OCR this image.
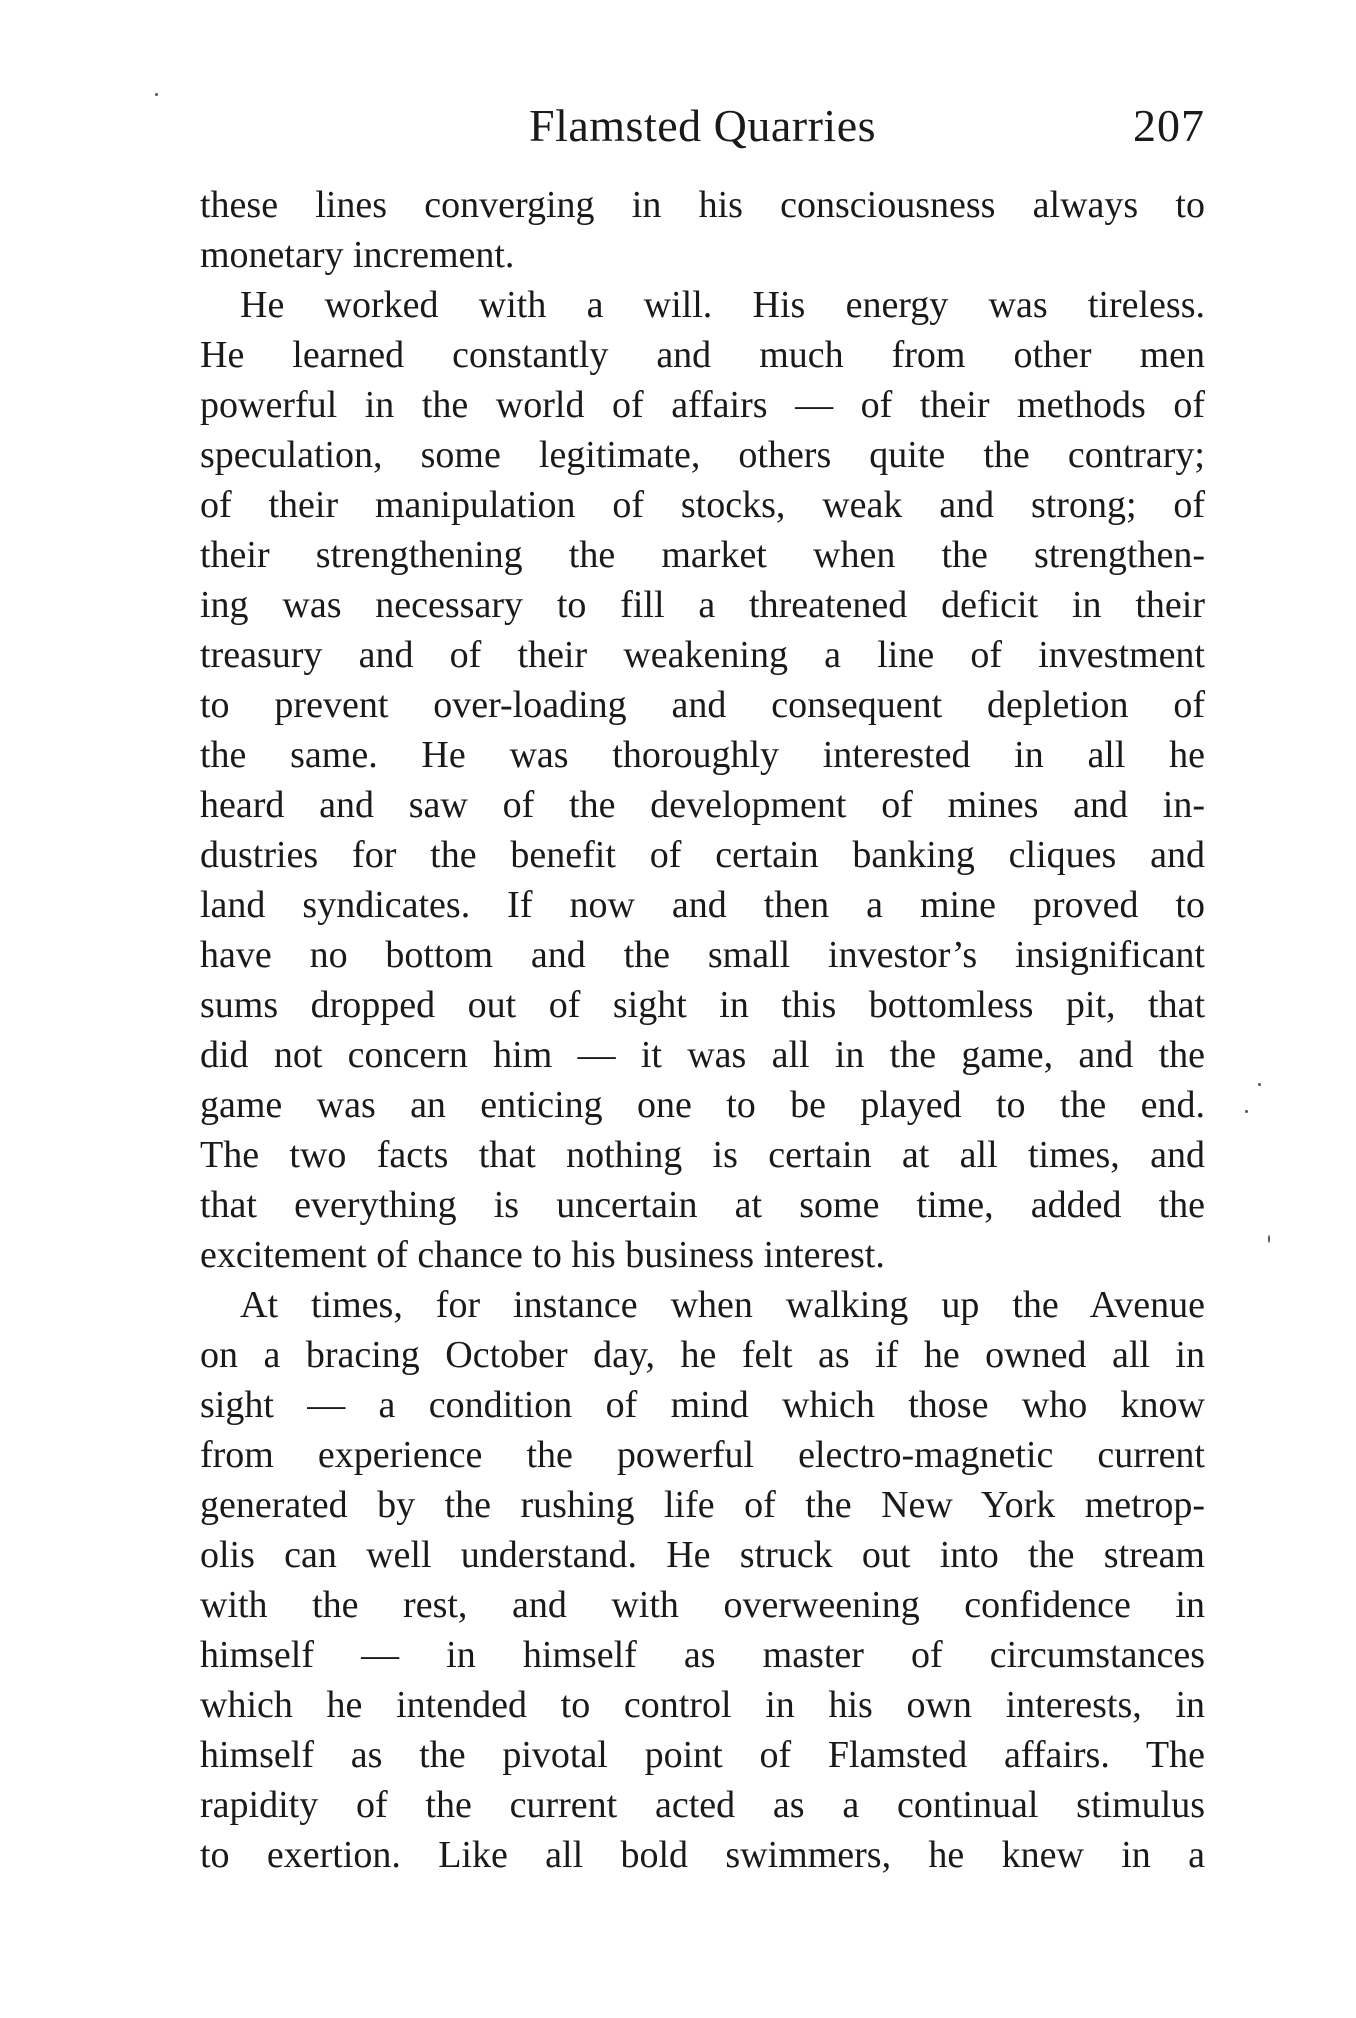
Flamsted Quarries	207
these lines converging in his consciousness always to
monetary increment.
He worked with a will. His energy was tireless.
He learned constantly and much from other men
powerful in the world of affairs — of their methods of
speculation, some legitimate, others quite the contrary;
of their manipulation of stocks, weak and strong; of
their strengthening the market when the strengthen-
ing was necessary to fill a threatened deficit in their
treasury and of their weakening a line of investment
to prevent over-loading and consequent depletion of
the same. He was thoroughly interested in all he
heard and saw of the development of mines and in-
dustries for the benefit of certain banking cliques and
land syndicates. If now and then a mine proved to
have no bottom and the small investor’s insignificant
sums dropped out of sight in this bottomless pit, that
did not concern him — it was all in the game, and the
game was an enticing one to be played to the end.
The two facts that nothing is certain at all times, and
that everything is uncertain at some time, added the
excitement of chance to his business interest.
At times, for instance when walking up the Avenue
on a bracing October day, he felt as if he owned all in
sight — a condition of mind which those who know
from experience the powerful electro-magnetic current
generated by the rushing life of the New York metrop-
olis can well understand. He struck out into the stream
with the rest, and with overweening confidence in
himself — in himself as master of circumstances
which he intended to control in his own interests, in
himself as the pivotal point of Flamsted affairs. The
rapidity of the current acted as a continual stimulus
to exertion. Like all bold swimmers, he knew in a
